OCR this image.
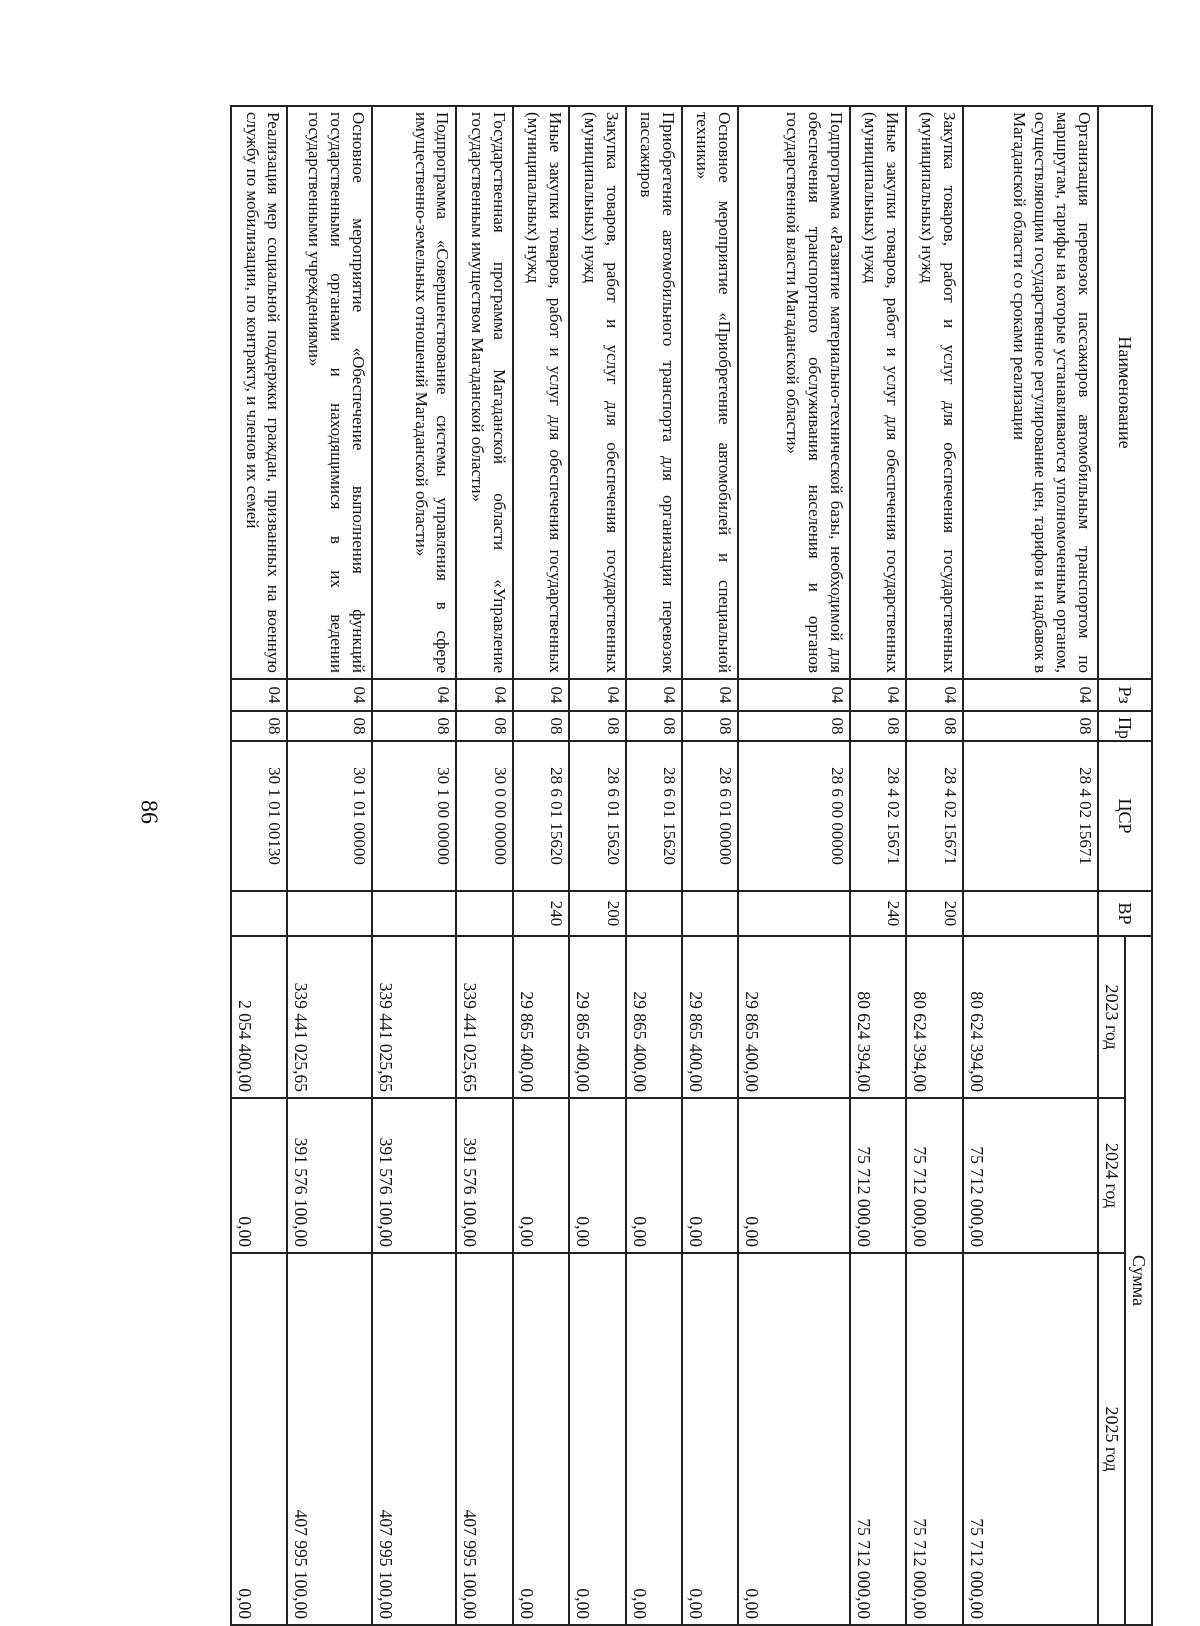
86
Наименование	Рз	Пр	ЦСР	ВР	Сумма		
					2023 год	2024 год	2025 год
Организация перевозок пассажиров автомобильным транспортом по маршрутам, тарифы на которые устанавливаются уполномоченным органом, осуществляющим государственное регулирование цен, тарифов и надбавок в Магаданской области со сроками реализации	04	08	28 4 02 15671		80 624 394,00	75 712 000,00	75 712 000,00
Закупка товаров, работ и услуг для обеспечения государственных (муниципальных) нужд	04	08	28 4 02 15671	200	80 624 394,00	75 712 000,00	75 712 000,00
Иные закупки товаров, работ и услуг для обеспечения государственных (муниципальных) нужд	04	08	28 4 02 15671	240	80 624 394,00	75 712 000,00	75 712 000,00
Подпрограмма «Развитие материально-технической базы, необходимой для обеспечения транспортного обслуживания населения и органов государственной власти Магаданской области»	04	08	28 6 00 00000		29 865 400,00	0,00	0,00
Основное мероприятие «Приобретение автомобилей и специальной техники»	04	08	28 6 01 00000		29 865 400,00	0,00	0,00
Приобретение автомобильного транспорта для организации перевозок пассажиров	04	08	28 6 01 15620		29 865 400,00	0,00	0,00
Закупка товаров, работ и услуг для обеспечения государственных (муниципальных) нужд	04	08	28 6 01 15620	200	29 865 400,00	0,00	0,00
Иные закупки товаров, работ и услуг для обеспечения государственных (муниципальных) нужд	04	08	28 6 01 15620	240	29 865 400,00	0,00	0,00
Государственная программа Магаданской области «Управление государственным имуществом Магаданской области»	04	08	30 0 00 00000		339 441 025,65	391 576 100,00	407 995 100,00
Подпрограмма «Совершенствование системы управления в сфере имущественно-земельных отношений Магаданской области»	04	08	30 1 00 00000		339 441 025,65	391 576 100,00	407 995 100,00
Основное мероприятие «Обеспечение выполнения функций государственными органами и находящимися в их ведении государственными учреждениями»	04	08	30 1 01 00000		339 441 025,65	391 576 100,00	407 995 100,00
Реализация мер социальной поддержки граждан, призванных на военную службу по мобилизации, по контракту, и членов их семей	04	08	30 1 01 00130		2 054 400,00	0,00	0,00
